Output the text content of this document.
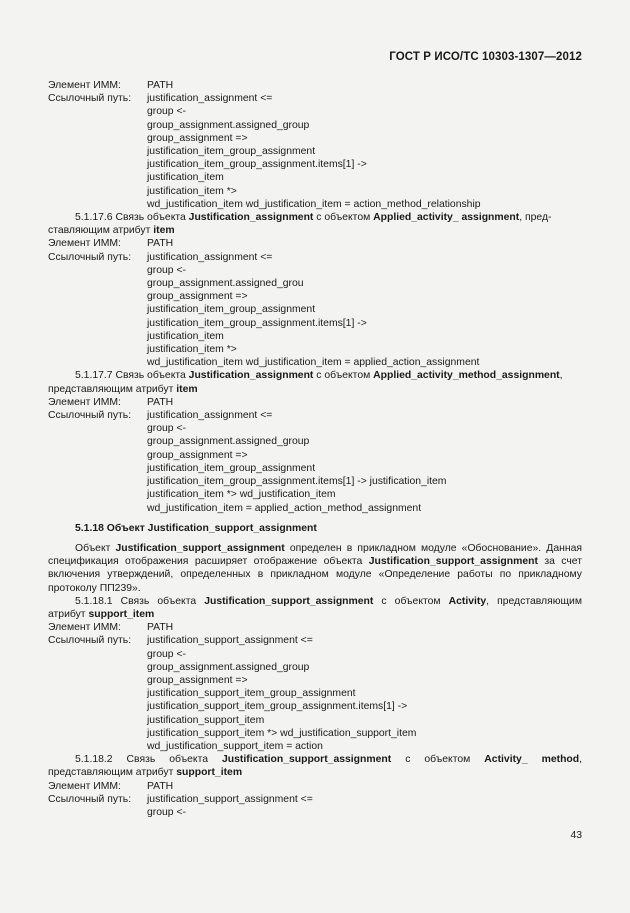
ГОСТ Р ИСО/ТС 10303-1307—2012
Элемент ИММ:	PATH
Ссылочный путь:	justification_assignment <=
group <-
group_assignment.assigned_group
group_assignment =>
justification_item_group_assignment
justification_item_group_assignment.items[1] ->
justification_item
justification_item *>
wd_justification_item wd_justification_item = action_method_relationship
5.1.17.6 Связь объекта Justification_assignment с объектом Applied_activity_ assignment, пред-
ставляющим атрибут item
Элемент ИММ:	PATH
Ссылочный путь:	justification_assignment <=
group <-
group_assignment.assigned_grou
group_assignment =>
justification_item_group_assignment
justification_item_group_assignment.items[1] ->
justification_item
justification_item *>
wd_justification_item wd_justification_item = applied_action_assignment
5.1.17.7 Связь объекта Justification_assignment с объектом Applied_activity_method_assignment,
представляющим атрибут item
Элемент ИММ:	PATH
Ссылочный путь:	justification_assignment <=
group <-
group_assignment.assigned_group
group_assignment =>
justification_item_group_assignment
justification_item_group_assignment.items[1] -> justification_item
justification_item *> wd_justification_item
wd_justification_item = applied_action_method_assignment
5.1.18 Объект Justification_support_assignment
Объект Justification_support_assignment определен в прикладном модуле «Обоснование». Данная спецификация отображения расширяет отображение объекта Justification_support_assignment за счет включения утверждений, определенных в прикладном модуле «Определение работы по прикладному протоколу ПП239».
5.1.18.1 Связь объекта Justification_support_assignment с объектом Activity, представляющим атрибут support_item
Элемент ИММ:	PATH
Ссылочный путь:	justification_support_assignment <=
group <-
group_assignment.assigned_group
group_assignment =>
justification_support_item_group_assignment
justification_support_item_group_assignment.items[1] ->
justification_support_item
justification_support_item *> wd_justification_support_item
wd_justification_support_item = action
5.1.18.2 Связь объекта Justification_support_assignment с объектом Activity_ method, представляющим атрибут support_item
Элемент ИММ:	PATH
Ссылочный путь:	justification_support_assignment <=
group <-
43
